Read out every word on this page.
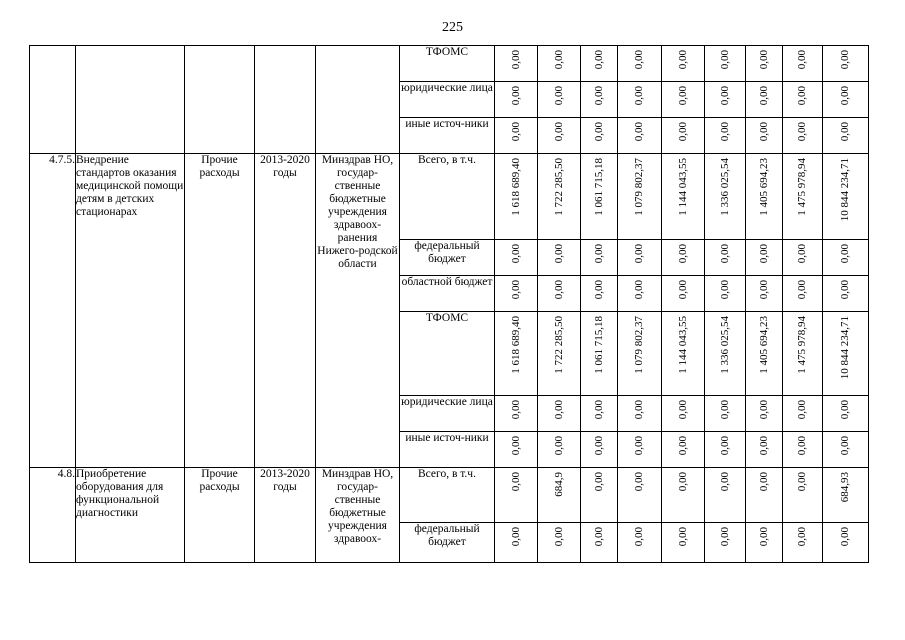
225
					ТФОМС	0,00	0,00	0,00	0,00	0,00	0,00	0,00	0,00	0,00
					юридические лица	0,00	0,00	0,00	0,00	0,00	0,00	0,00	0,00	0,00
					иные источ-ники	0,00	0,00	0,00	0,00	0,00	0,00	0,00	0,00	0,00
4.7.5.	Внедрение стандартов оказания медицинской помощи детям в детских стационарах	Прочие расходы	2013-2020 годы	Минздрав НО, государ-ственные бюджетные учреждения здравоох-ранения Нижего-родской области	Всего, в т.ч.	1 618 689,40	1 722 285,50	1 061 715,18	1 079 802,37	1 144 043,55	1 336 025,54	1 405 694,23	1 475 978,94	10 844 234,71
					федеральный бюджет	0,00	0,00	0,00	0,00	0,00	0,00	0,00	0,00	0,00
					областной бюджет	0,00	0,00	0,00	0,00	0,00	0,00	0,00	0,00	0,00
					ТФОМС	1 618 689,40	1 722 285,50	1 061 715,18	1 079 802,37	1 144 043,55	1 336 025,54	1 405 694,23	1 475 978,94	10 844 234,71
					юридические лица	0,00	0,00	0,00	0,00	0,00	0,00	0,00	0,00	0,00
					иные источ-ники	0,00	0,00	0,00	0,00	0,00	0,00	0,00	0,00	0,00
4.8.	Приобретение оборудования для функциональной диагностики	Прочие расходы	2013-2020 годы	Минздрав НО, государ-ственные бюджетные учреждения здравоох-	Всего, в т.ч.	0,00	684,9	0,00	0,00	0,00	0,00	0,00	0,00	684,93
					федеральный бюджет	0,00	0,00	0,00	0,00	0,00	0,00	0,00	0,00	0,00
